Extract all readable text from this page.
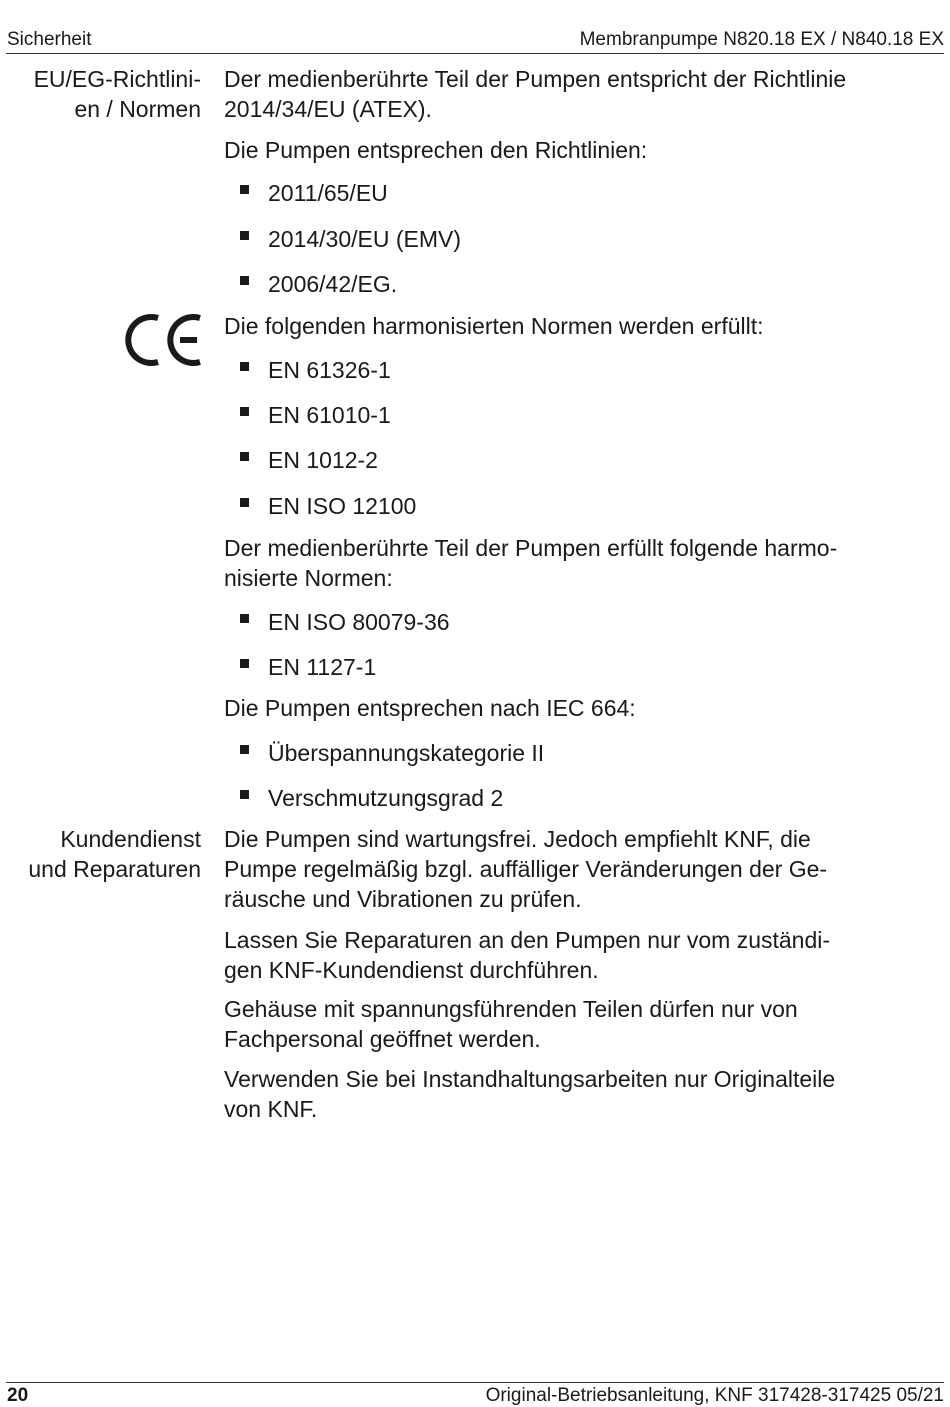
Sicherheit	Membranpumpe N820.18 EX / N840.18 EX
EU/EG-Richtlini-
en / Normen
Kundendienst
und Reparaturen
Der medienberührte Teil der Pumpen entspricht der Richtlinie
2014/34/EU (ATEX).
Die Pumpen entsprechen den Richtlinien:
2011/65/EU
2014/30/EU (EMV)
2006/42/EG.
Die folgenden harmonisierten Normen werden erfüllt:
EN 61326-1
EN 61010-1
EN 1012-2
EN ISO 12100
Der medienberührte Teil der Pumpen erfüllt folgende harmo-
nisierte Normen:
EN ISO 80079-36
EN 1127-1
Die Pumpen entsprechen nach IEC 664:
Überspannungskategorie II
Verschmutzungsgrad 2
Die Pumpen sind wartungsfrei. Jedoch empfiehlt KNF, die
Pumpe regelmäßig bzgl. auffälliger Veränderungen der Ge-
räusche und Vibrationen zu prüfen.
Lassen Sie Reparaturen an den Pumpen nur vom zuständi-
gen KNF-Kundendienst durchführen.
Gehäuse mit spannungsführenden Teilen dürfen nur von
Fachpersonal geöffnet werden.
Verwenden Sie bei Instandhaltungsarbeiten nur Originalteile
von KNF.
20	Original-Betriebsanleitung, KNF 317428-317425 05/21
